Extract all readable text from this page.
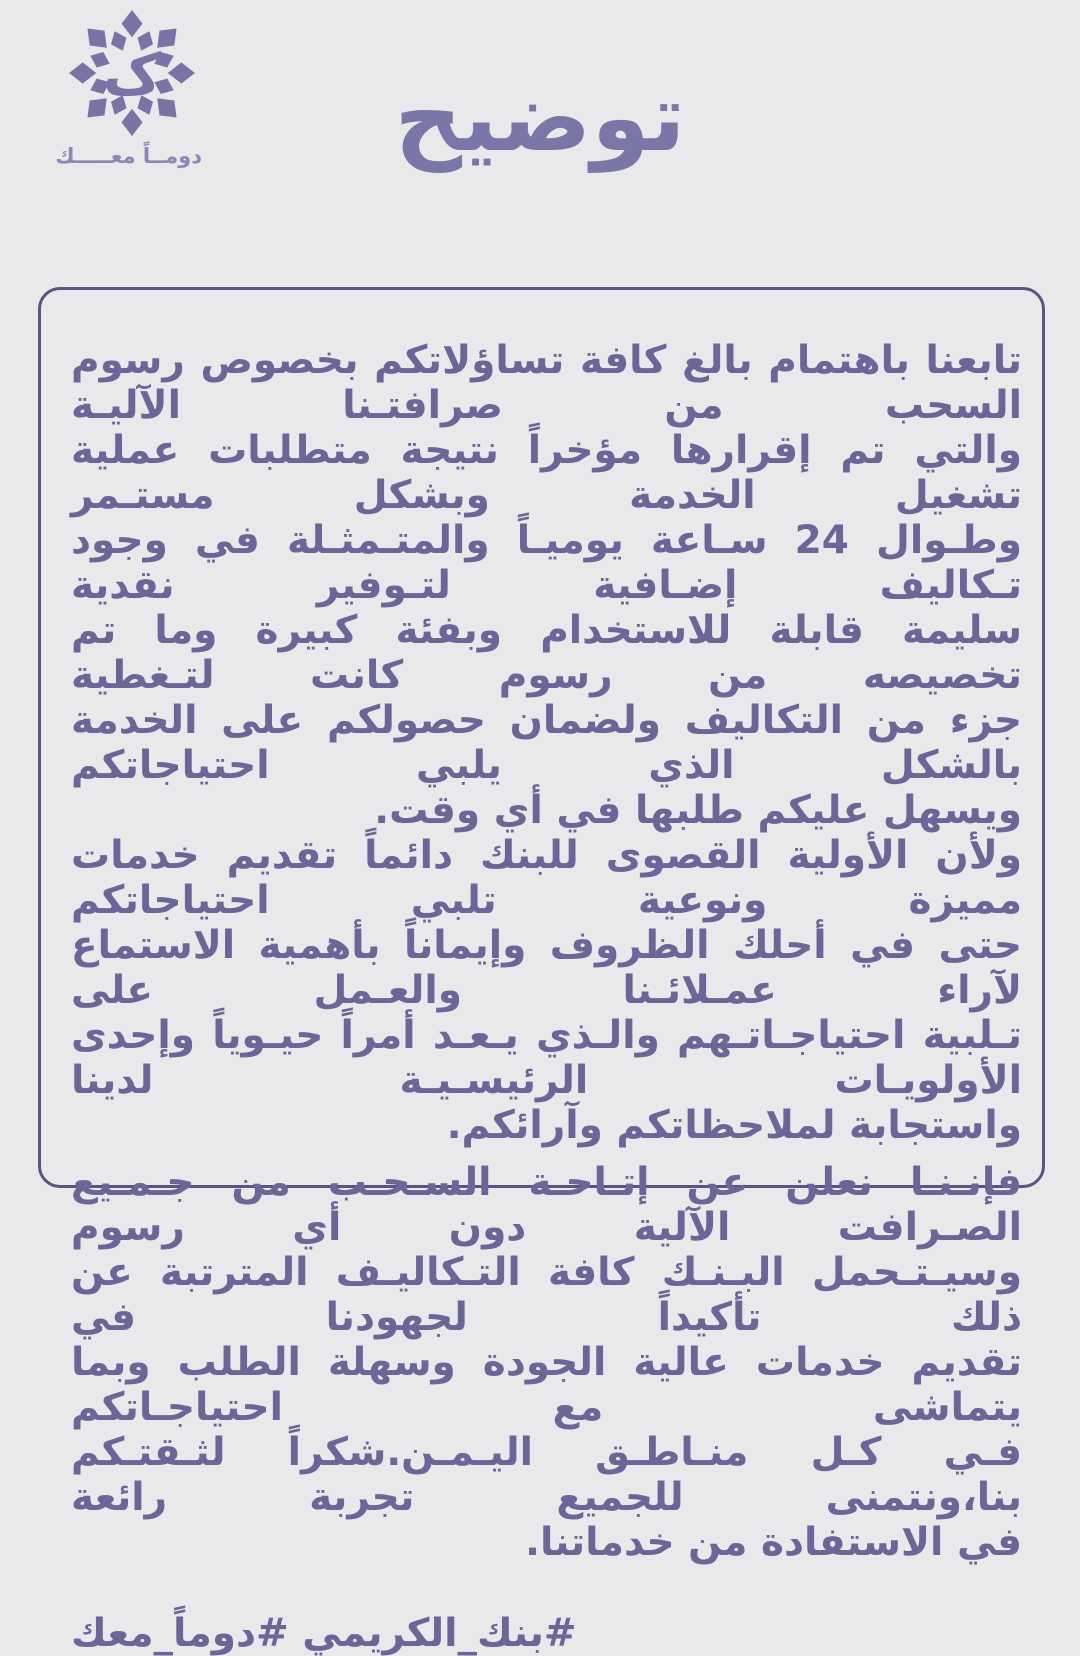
ک
دومــاً معـــــك	توضيح
تابعنا باهتمام بالغ كافة تساؤلاتكم بخصوص رسوم السحب من صرافتـنا الآليـة
والتي تم إقرارها مؤخراً نتيجة متطلبات عملية تشغيل الخدمة وبشكل مستـمر
وطـوال 24 سـاعة يوميـاً والمتـمثـلة في وجود تـكاليف إضـافية لتـوفير نقدية
سليمة قابلة للاستخدام وبفئة كبيرة وما تم تخصيصه من رسوم كانت لتـغطية
جزء من التكاليف ولضمان حصولكم على الخدمة بالشكل الذي يلبي احتياجاتكم
ويسهل عليكم طلبها في أي وقت.
ولأن الأولية القصوى للبنك دائماً تقديم خدمات مميزة ونوعية تلبي احتياجاتكم
حتى في أحلك الظروف وإيماناً بأهمية الاستماع لآراء عمـلائـنا والعـمل على
تـلبية احتياجـاتـهم والـذي يـعـد أمراً حيـوياً وإحدى الأولويـات الرئيسـيـة لدينا
واستجابة لملاحظاتكم وآرائكم.
فإنـنـا نعلن عن إتـاحـة السـحـب من جـمـيع الصـرافت الآلية دون أي رسوم
وسيـتـحمل البـنـك كافة التـكاليـف المترتبة عن ذلك تأكيداً لجهودنا في
تقديم خدمات عالية الجودة وسهلة الطلب وبما يتماشى مع احتياجـاتكم
فـي كـل منـاطـق اليـمـن.شكراً لثـقتـكم بنا،ونتمنى للجميع تجربة رائعة
في الاستفادة من خدماتنا.
#بنك_الكريمي #دوماً_معك
